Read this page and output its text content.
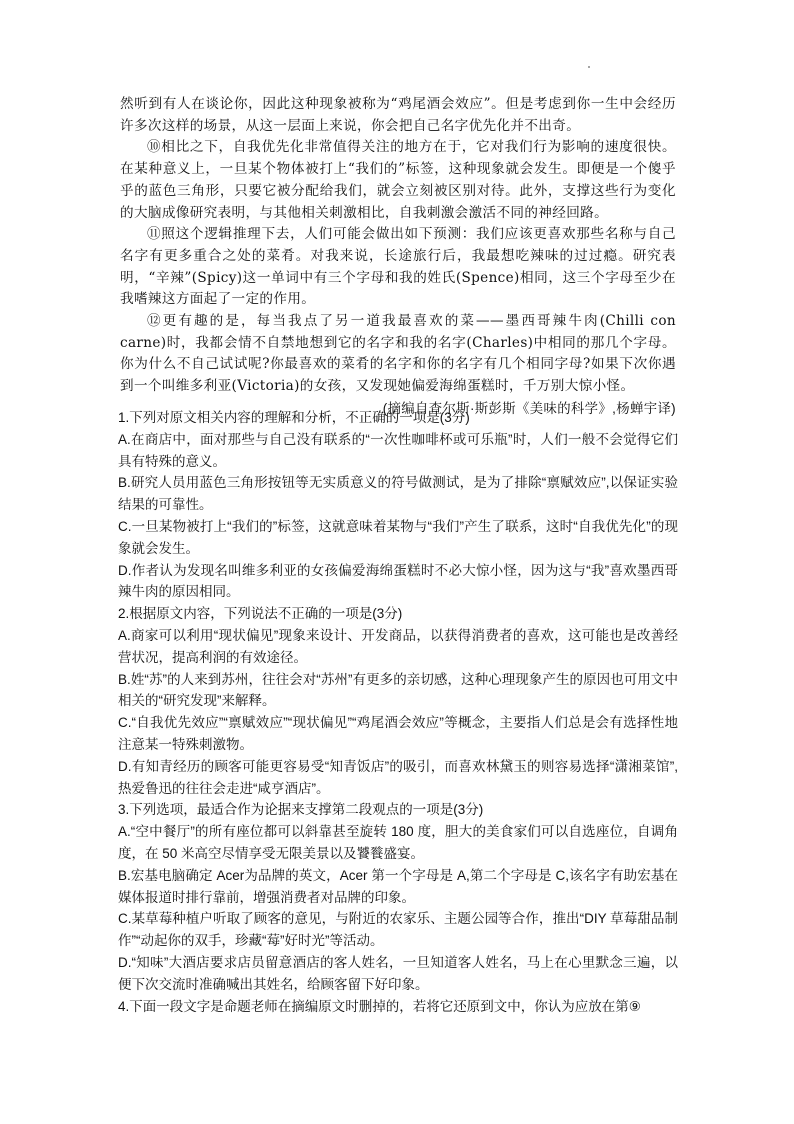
然听到有人在谈论你，因此这种现象被称为“鸡尾酒会效应”。但是考虑到你一生中会经历许多次这样的场景，从这一层面上来说，你会把自己名字优先化并不出奇。

⑩相比之下，自我优先化非常值得关注的地方在于，它对我们行为影响的速度很快。在某种意义上，一旦某个物体被打上“我们的”标签，这种现象就会发生。即便是一个傻乎乎的蓝色三角形，只要它被分配给我们，就会立刻被区别对待。此外，支撑这些行为变化的大脑成像研究表明，与其他相关刺激相比，自我刺激会激活不同的神经回路。

⑪照这个逻辑推理下去，人们可能会做出如下预测：我们应该更喜欢那些名称与自己名字有更多重合之处的菜肴。对我来说，长途旅行后，我最想吃辣味的过过瘾。研究表明，“辛辣”(Spicy)这一单词中有三个字母和我的姓氏(Spence)相同，这三个字母至少在我嗜辣这方面起了一定的作用。

⑫更有趣的是，每当我点了另一道我最喜欢的菜——墨西哥辣牛肉(Chilli con carne)时，我都会情不自禁地想到它的名字和我的名字(Charles)中相同的那几个字母。你为什么不自己试试呢?你最喜欢的菜肴的名字和你的名字有几个相同字母?如果下次你遇到一个叫维多利亚(Victoria)的女孩，又发现她偏爱海绵蛋糕时，千万别大惊小怪。

(摘编自查尔斯·斯彭斯《美味的科学》,杨蝉宇译)

1.下列对原文相关内容的理解和分析，不正确的一项是(3分)

A.在商店中，面对那些与自己没有联系的“一次性咖啡杯或可乐瓶”时，人们一般不会觉得它们具有特殊的意义。

B.研究人员用蓝色三角形按钮等无实质意义的符号做测试，是为了排除“禀赋效应”,以保证实验结果的可靠性。

C.一旦某物被打上“我们的”标签，这就意味着某物与“我们”产生了联系，这时“自我优先化”的现象就会发生。

D.作者认为发现名叫维多利亚的女孩偏爱海绵蛋糕时不必大惊小怪，因为这与“我”喜欢墨西哥辣牛肉的原因相同。

2.根据原文内容，下列说法不正确的一项是(3分)

A.商家可以利用“现状偏见”现象来设计、开发商品，以获得消费者的喜欢，这可能也是改善经营状况，提高利润的有效途径。

B.姓“苏”的人来到苏州，往往会对“苏州”有更多的亲切感，这种心理现象产生的原因也可用文中相关的“研究发现”来解释。

C.“自我优先效应”“禀赋效应”“现状偏见”“鸡尾酒会效应”等概念，主要指人们总是会有选择性地注意某一特殊刺激物。

D.有知青经历的顾客可能更容易受“知青饭店”的吸引，而喜欢林黛玉的则容易选择“潇湘菜馆”,热爱鲁迅的往往会走进“咸亨酒店”。

3.下列选项，最适合作为论据来支撑第二段观点的一项是(3分)

A.“空中餐厅”的所有座位都可以斜靠甚至旋转 180 度，胆大的美食家们可以自选座位，自调角度，在 50 米高空尽情享受无限美景以及饕餮盛宴。

B.宏基电脑确定 Acer为品牌的英文，Acer 第一个字母是 A,第二个字母是 C,该名字有助宏基在媒体报道时排行靠前，增强消费者对品牌的印象。

C.某草莓种植户听取了顾客的意见，与附近的农家乐、主题公园等合作，推出“DIY 草莓甜品制作”“动起你的双手，珍藏“莓”好时光”等活动。

D.“知味”大酒店要求店员留意酒店的客人姓名，一旦知道客人姓名，马上在心里默念三遍，以便下次交流时准确喊出其姓名，给顾客留下好印象。

4.下面一段文字是命题老师在摘编原文时删掉的，若将它还原到文中，你认为应放在第⑨
